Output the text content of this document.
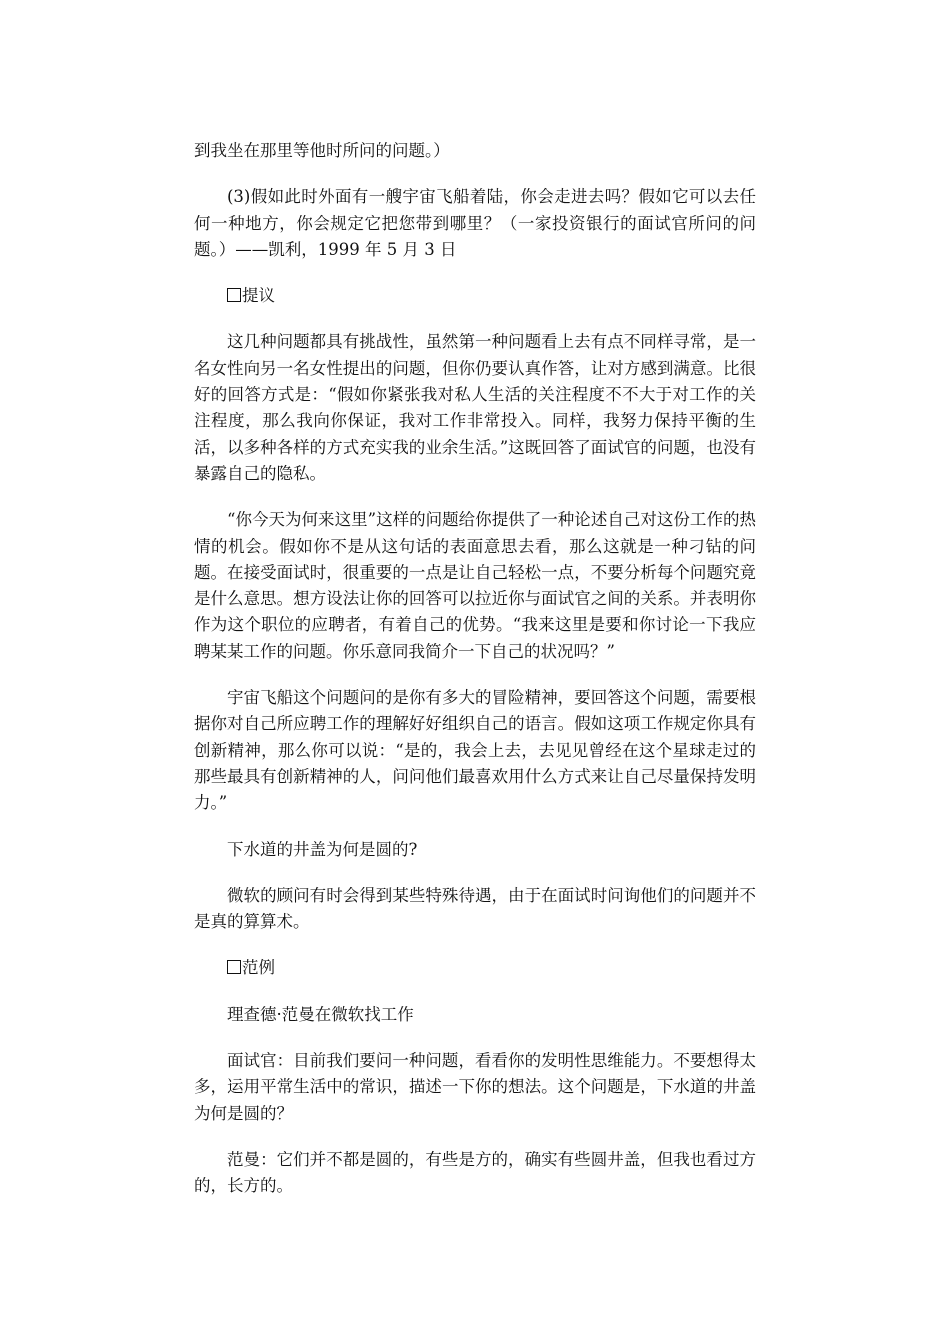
到我坐在那里等他时所问的问题。）

(3)假如此时外面有一艘宇宙飞船着陆，你会走进去吗？假如它可以去任何一种地方，你会规定它把您带到哪里？（一家投资银行的面试官所问的问题。）——凯利，1999 年 5 月 3 日

提议

这几种问题都具有挑战性，虽然第一种问题看上去有点不同样寻常，是一名女性向另一名女性提出的问题，但你仍要认真作答，让对方感到满意。比很好的回答方式是：“假如你紧张我对私人生活的关注程度不不大于对工作的关注程度，那么我向你保证，我对工作非常投入。同样，我努力保持平衡的生活，以多种各样的方式充实我的业余生活。”这既回答了面试官的问题，也没有暴露自己的隐私。

“你今天为何来这里”这样的问题给你提供了一种论述自己对这份工作的热情的机会。假如你不是从这句话的表面意思去看，那么这就是一种刁钻的问题。在接受面试时，很重要的一点是让自己轻松一点，不要分析每个问题究竟是什么意思。想方设法让你的回答可以拉近你与面试官之间的关系。并表明你作为这个职位的应聘者，有着自己的优势。“我来这里是要和你讨论一下我应聘某某工作的问题。你乐意同我简介一下自己的状况吗？”

宇宙飞船这个问题问的是你有多大的冒险精神，要回答这个问题，需要根据你对自己所应聘工作的理解好好组织自己的语言。假如这项工作规定你具有创新精神，那么你可以说：“是的，我会上去，去见见曾经在这个星球走过的那些最具有创新精神的人，问问他们最喜欢用什么方式来让自己尽量保持发明力。”

下水道的井盖为何是圆的?

微软的顾问有时会得到某些特殊待遇，由于在面试时问询他们的问题并不是真的算算术。

范例

理查德·范曼在微软找工作

面试官：目前我们要问一种问题，看看你的发明性思维能力。不要想得太多，运用平常生活中的常识，描述一下你的想法。这个问题是，下水道的井盖为何是圆的？

范曼：它们并不都是圆的，有些是方的，确实有些圆井盖，但我也看过方的，长方的。
